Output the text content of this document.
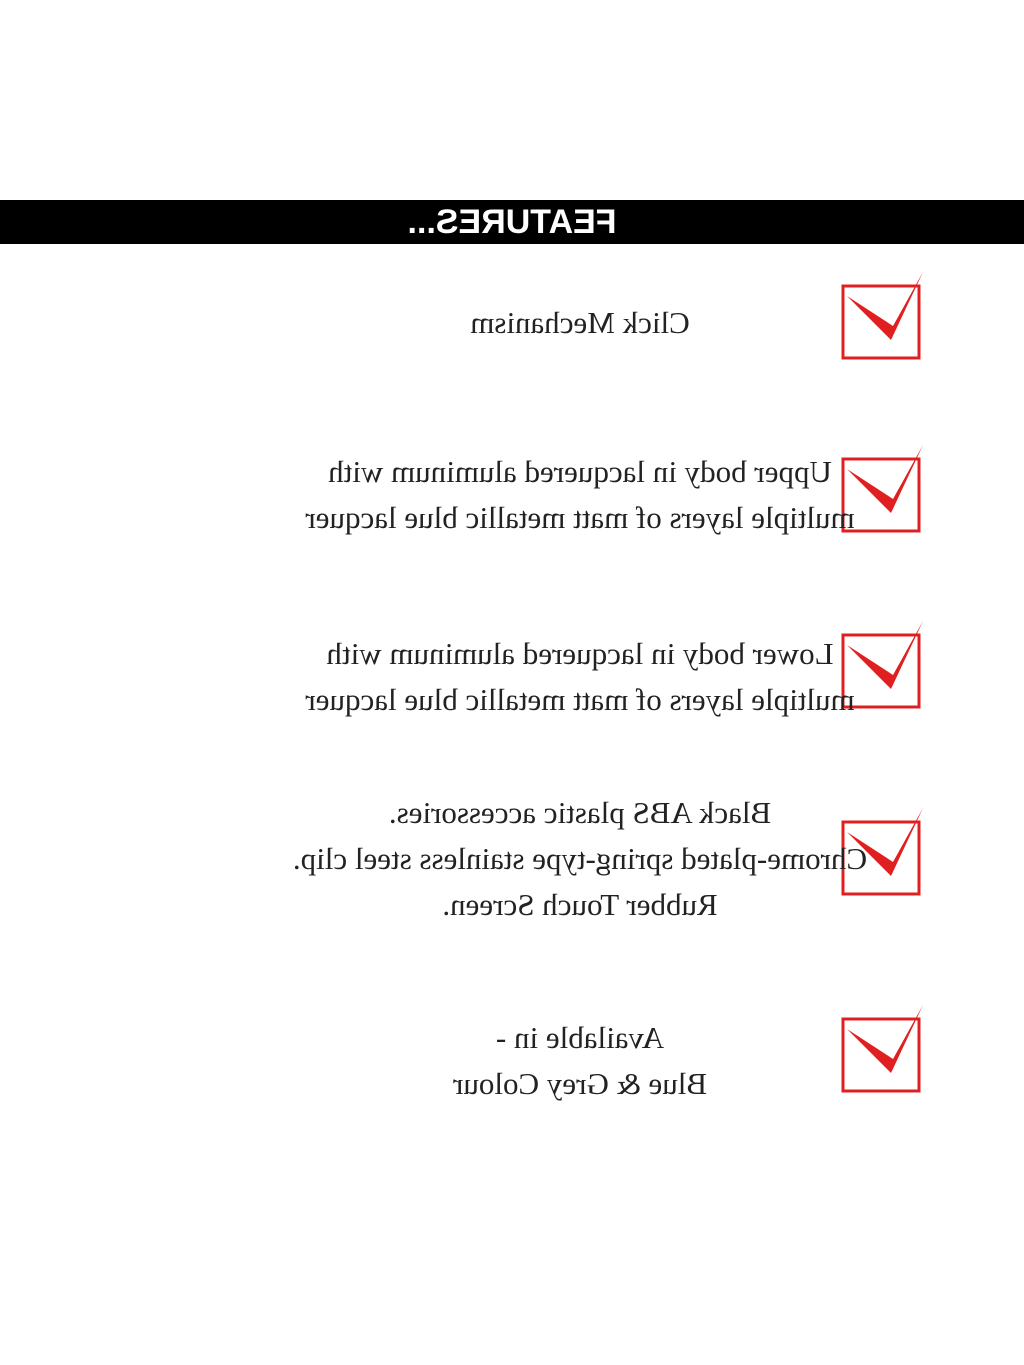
FEATURES...
Click Mechanism
Upper body in lacquered aluminum with
multiple layers of matt metallic blue lacquer
Lower body in lacquered aluminum with
multiple layers of matt metallic blue lacquer
Black ABS plastic accessories.
Chrome-plated spring-type stainless steel clip.
Rubber Touch Screen.
Available in -
Blue & Grey Colour
